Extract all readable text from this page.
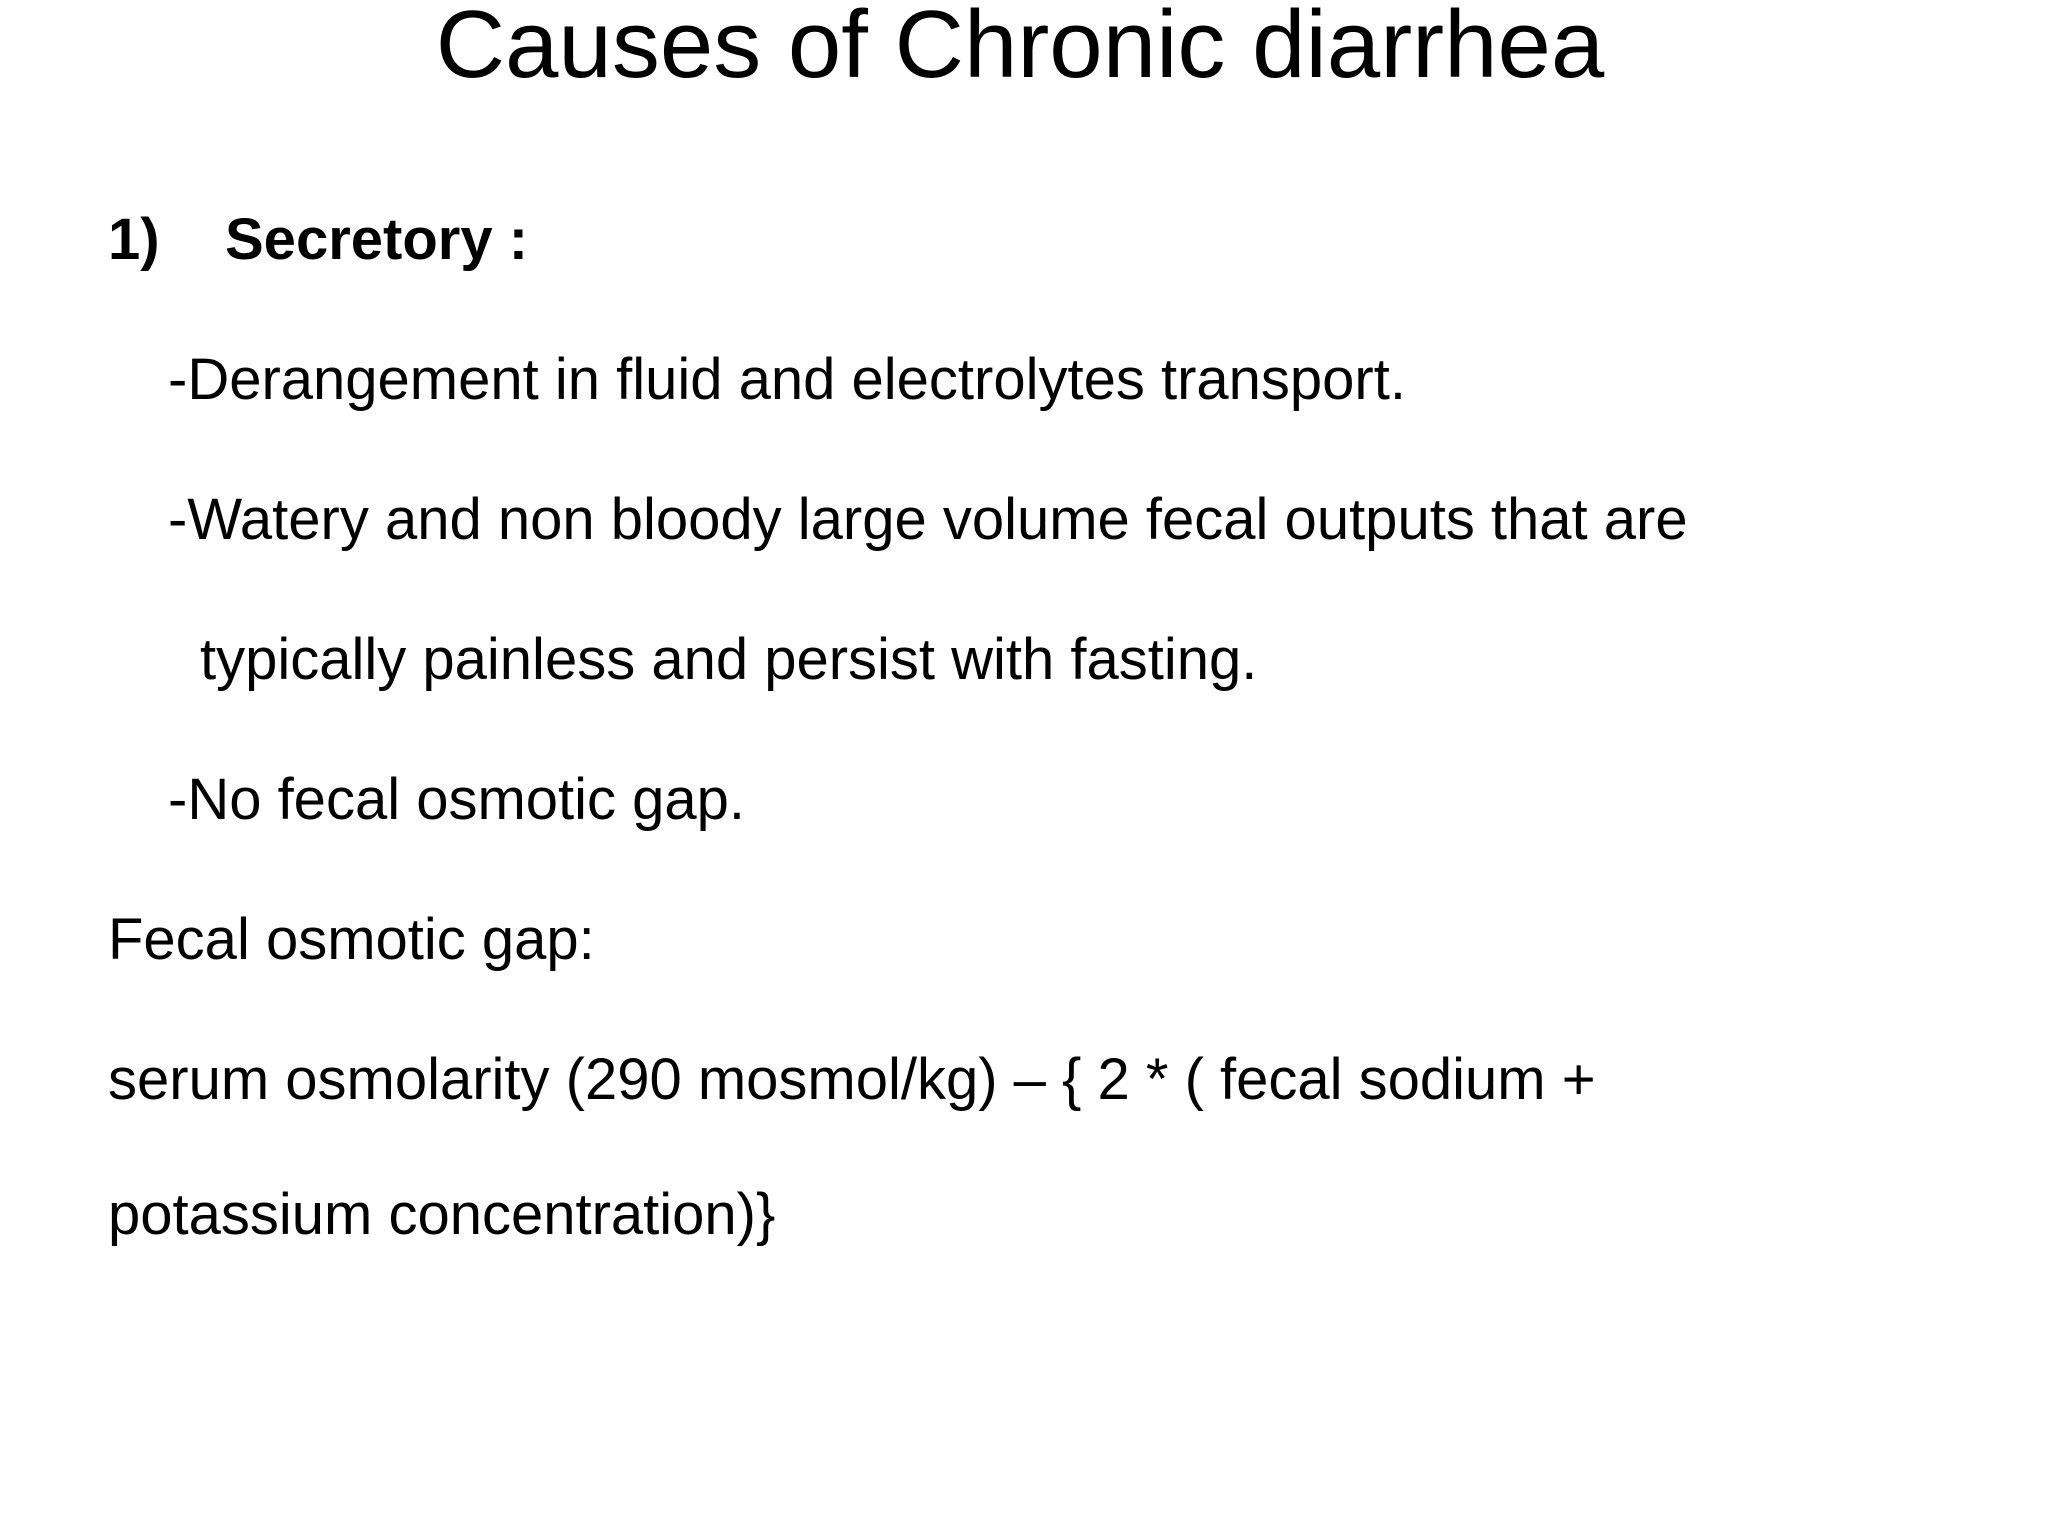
Causes of Chronic diarrhea
1) Secretory :
-Derangement in fluid and electrolytes transport.
-Watery and non bloody large volume fecal outputs that are
typically painless and persist with fasting.
-No fecal osmotic gap.
Fecal osmotic gap:
serum osmolarity (290 mosmol/kg) – { 2 * ( fecal sodium +
potassium concentration)}
